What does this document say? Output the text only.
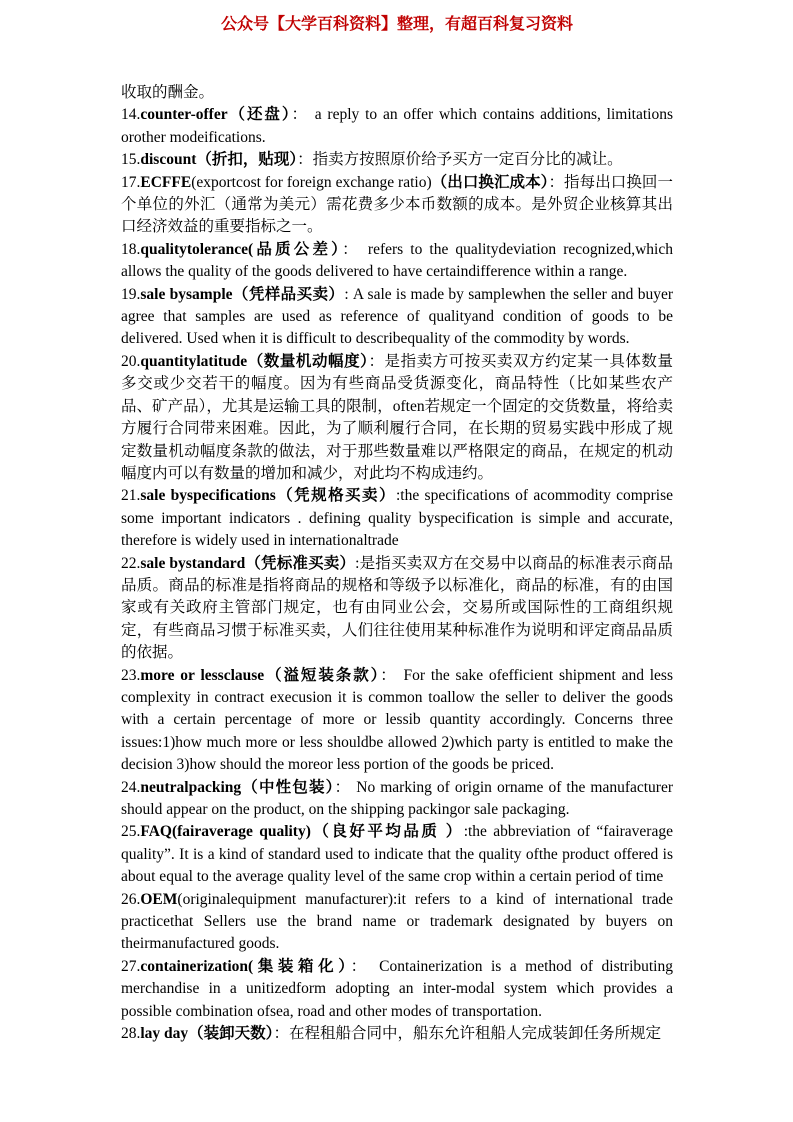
公众号【大学百科资料】整理，有超百科复习资料

收取的酬金。

14.counter-offer（还盘）： a reply to an offer which contains additions, limitations orother modeifications.

15.discount（折扣，贴现）：指卖方按照原价给予买方一定百分比的减让。

17.ECFFE(exportcost for foreign exchange ratio)（出口换汇成本）：指每出口换回一个单位的外汇（通常为美元）需花费多少本币数额的成本。是外贸企业核算其出口经济效益的重要指标之一。

18.qualitytolerance(品质公差）： refers to the qualitydeviation recognized,which allows the quality of the goods delivered to have certaindifference within a range.

19.sale bysample（凭样品买卖）: A sale is made by samplewhen the seller and buyer agree that samples are used as reference of qualityand condition of goods to be delivered. Used when it is difficult to describequality of the commodity by words.

20.quantitylatitude（数量机动幅度）：是指卖方可按买卖双方约定某一具体数量多交或少交若干的幅度。因为有些商品受货源变化，商品特性（比如某些农产品、矿产品），尤其是运输工具的限制，often若规定一个固定的交货数量，将给卖方履行合同带来困难。因此，为了顺利履行合同，在长期的贸易实践中形成了规定数量机动幅度条款的做法，对于那些数量难以严格限定的商品，在规定的机动幅度内可以有数量的增加和减少，对此均不构成违约。

21.sale byspecifications（凭规格买卖）:the specifications of acommodity comprise some important indicators . defining quality byspecification is simple and accurate, therefore is widely used in internationaltrade

22.sale bystandard（凭标准买卖）:是指买卖双方在交易中以商品的标准表示商品品质。商品的标准是指将商品的规格和等级予以标准化，商品的标准，有的由国家或有关政府主管部门规定，也有由同业公会，交易所或国际性的工商组织规定，有些商品习惯于标准买卖，人们往往使用某种标准作为说明和评定商品品质的依据。

23.more or lessclause（溢短装条款）： For the sake ofefficient shipment and less complexity in contract execusion it is common toallow the seller to deliver the goods with a certain percentage of more or lessib quantity accordingly. Concerns three issues:1)how much more or less shouldbe allowed 2)which party is entitled to make the decision 3)how should the moreor less portion of the goods be priced.

24.neutralpacking（中性包装）： No marking of origin orname of the manufacturer should appear on the product, on the shipping packingor sale packaging.

25.FAQ(fairaverage quality)（良好平均品质 ）:the abbreviation of “fairaverage quality”. It is a kind of standard used to indicate that the quality ofthe product offered is about equal to the average quality level of the same crop within a certain period of time

26.OEM(originalequipment manufacturer):it refers to a kind of international trade practicethat Sellers use the brand name or trademark designated by buyers on theirmanufactured goods.

27.containerization(集装箱化）： Containerization is a method of distributing merchandise in a unitizedform adopting an inter-modal system which provides a possible combination ofsea, road and other modes of transportation.

28.lay day（装卸天数）：在程租船合同中，船东允许租船人完成装卸任务所规定
